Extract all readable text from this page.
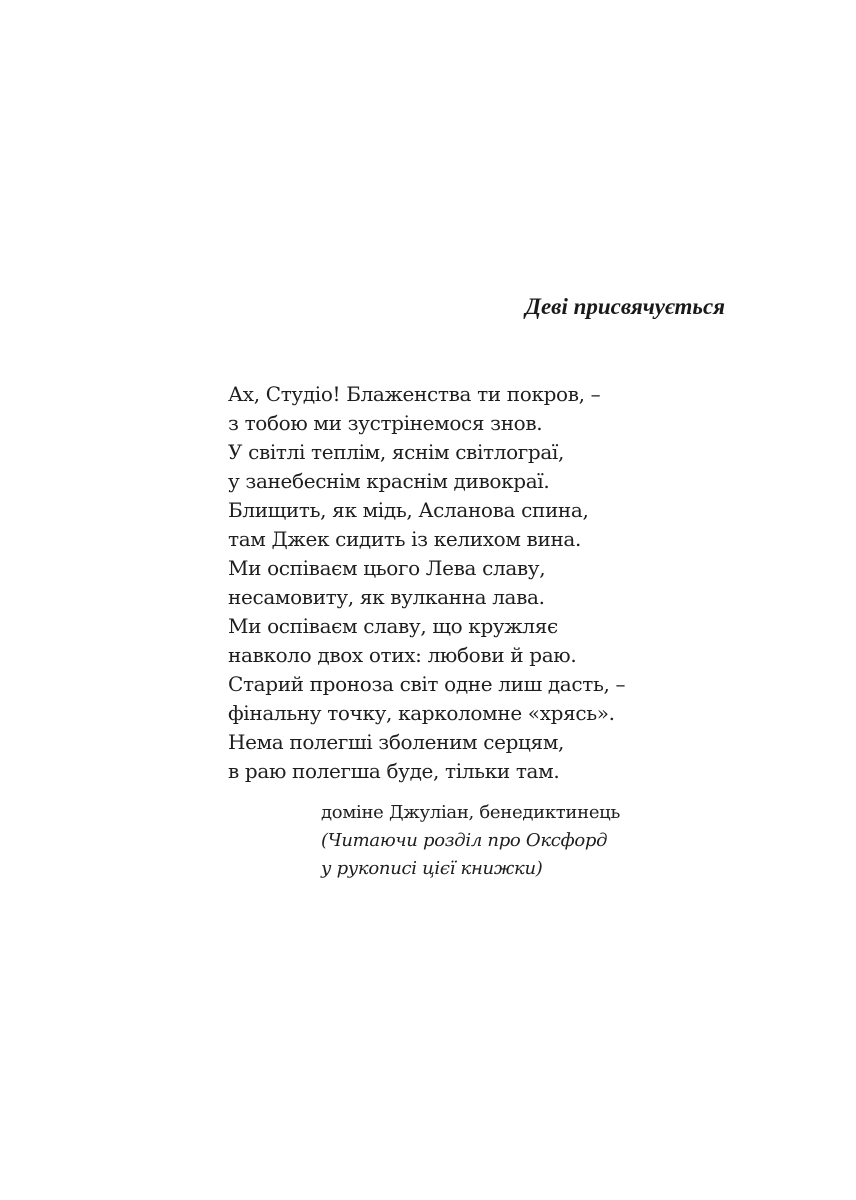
Деві присвячується
Ах, Студіо! Блаженства ти покров, –
з тобою ми зустрінемося знов.
У світлі теплім, яснім світлограї,
у занебеснім краснім дивокраї.
Блищить, як мідь, Асланова спина,
там Джек сидить із келихом вина.
Ми оспіваєм цього Лева славу,
несамовиту, як вулканна лава.
Ми оспіваєм славу, що кружляє
навколо двох отих: любови й раю.
Старий проноза світ одне лиш дасть, –
фінальну точку, карколомне «хрясь».
Нема полегші зболеним серцям,
в раю полегша буде, тільки там.
доміне Джуліан, бенедиктинець
(Читаючи розділ про Оксфорд
у рукописі цієї книжки)
